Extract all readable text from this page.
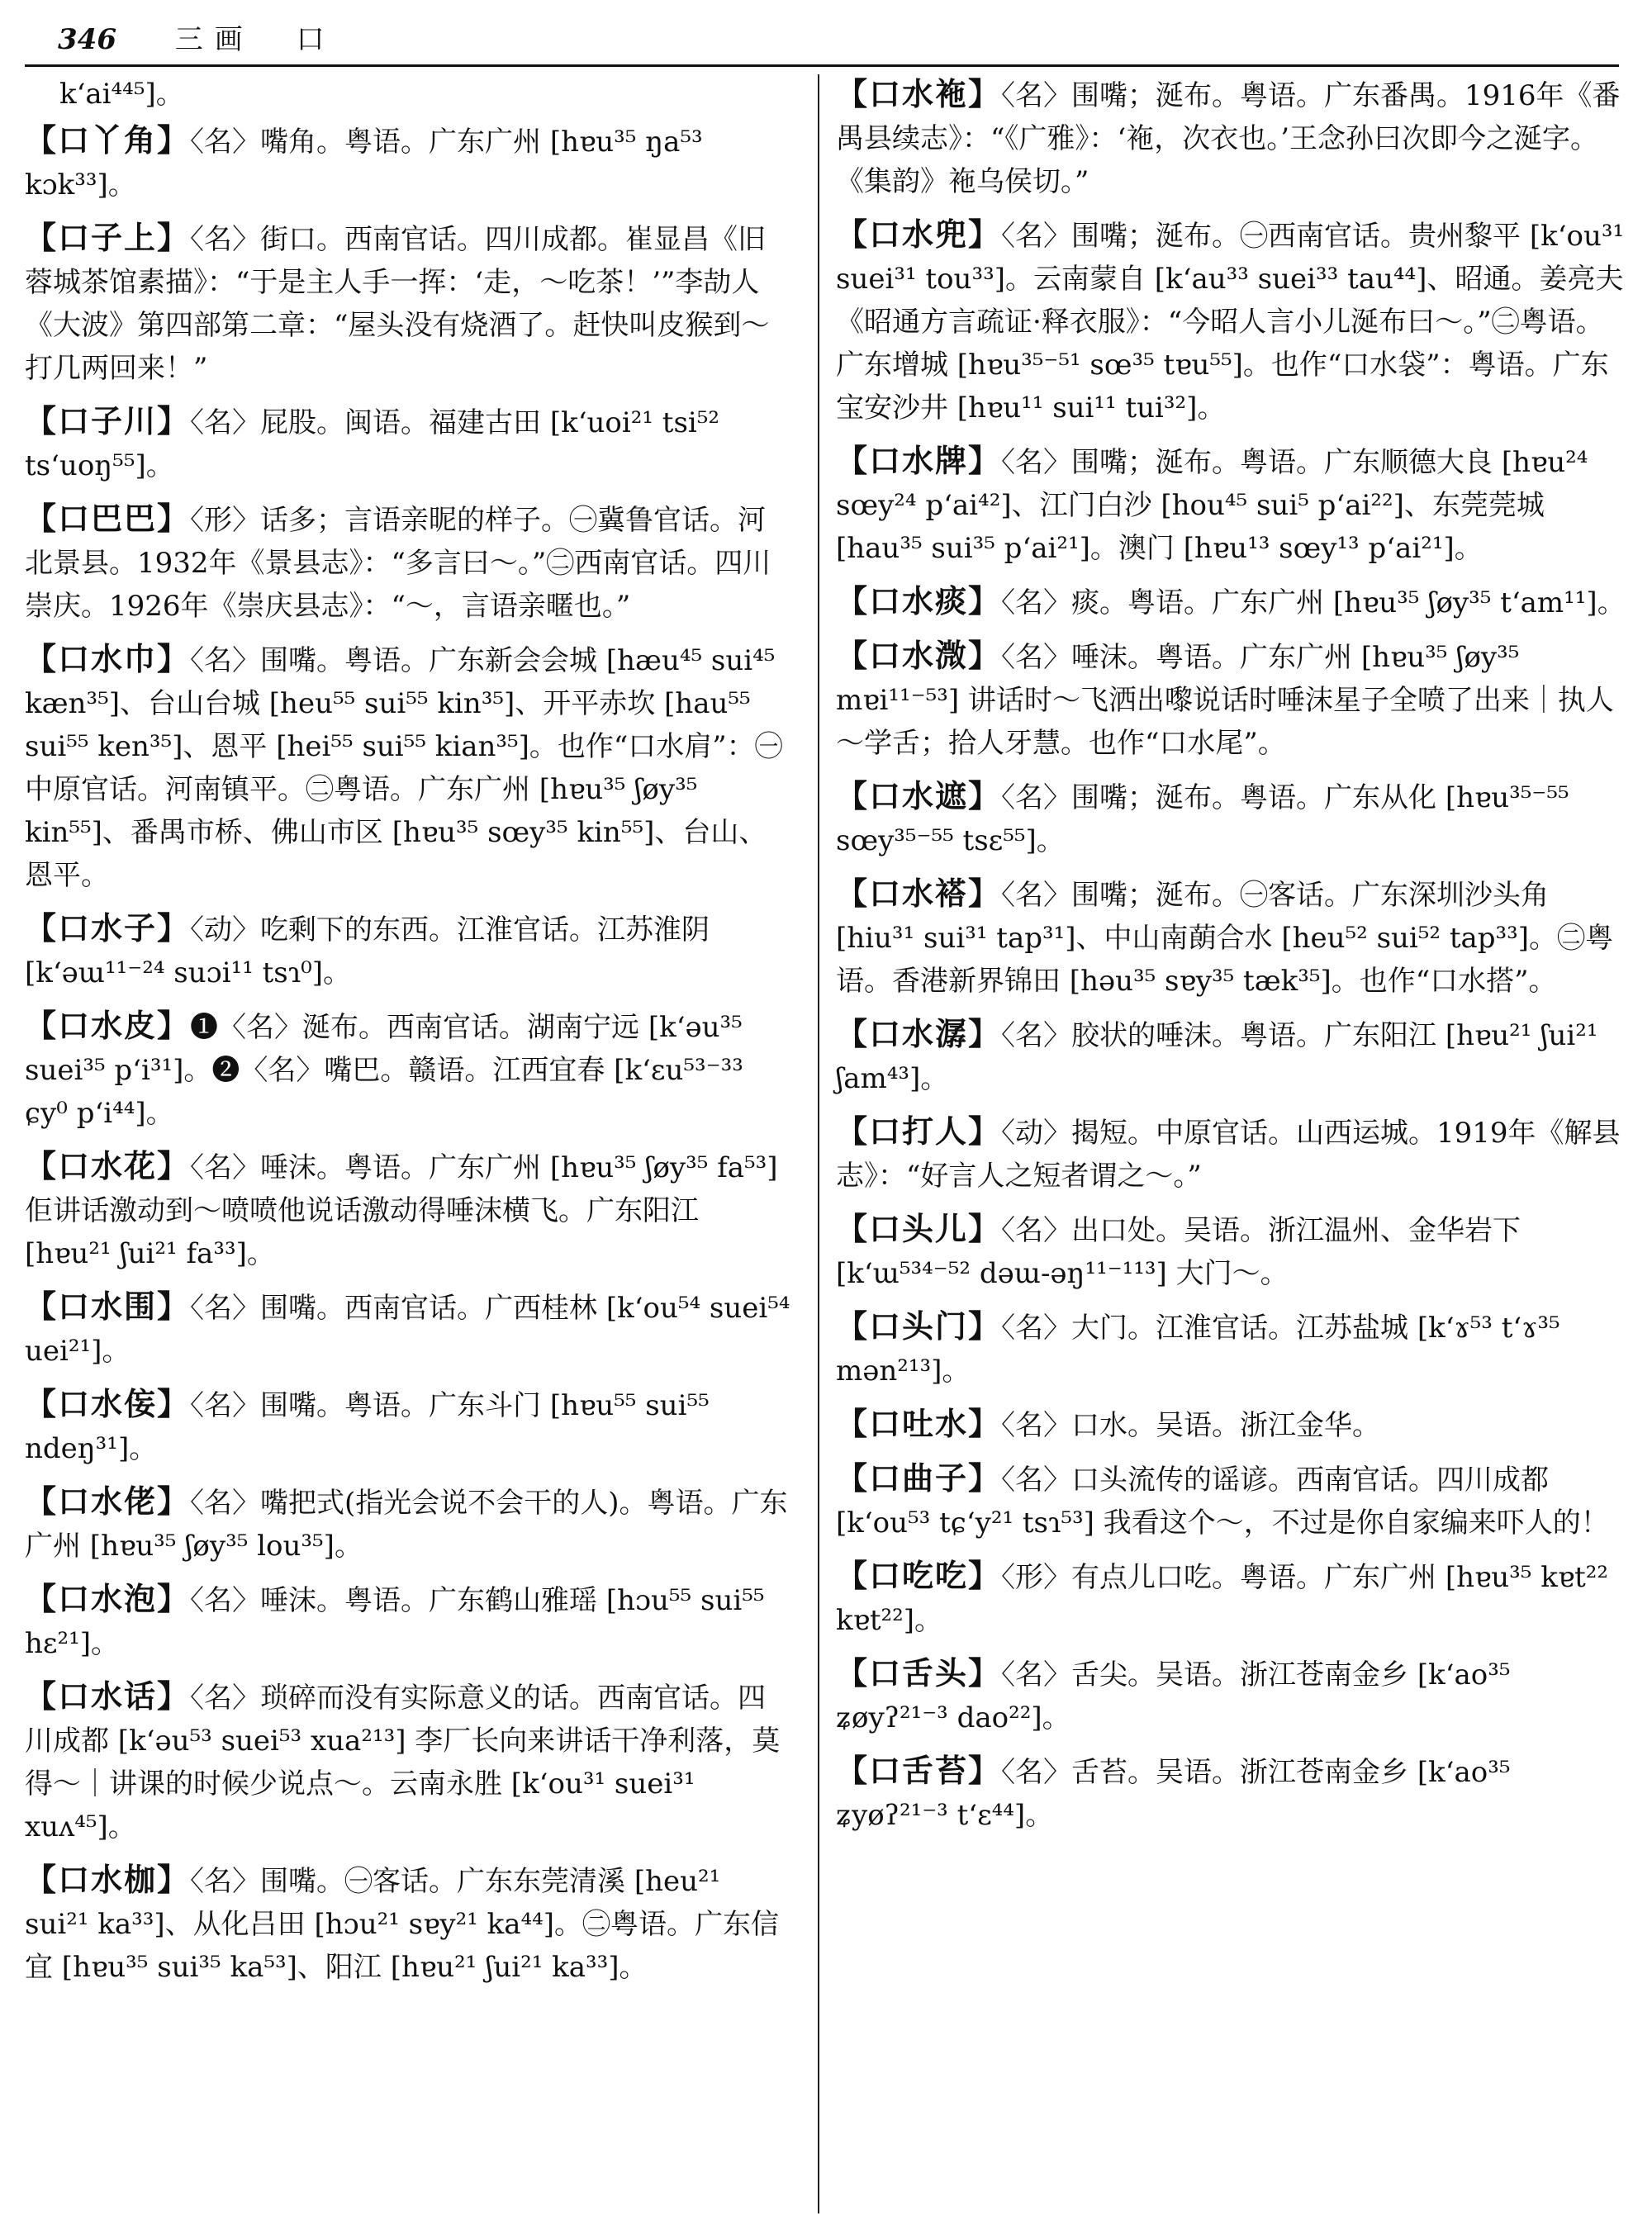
346 三画 口
k‘ai⁴⁴⁵]。
【口丫角】〈名〉嘴角。粤语。广东广州 [hɐu³⁵ ŋa⁵³ kɔk³³]。
【口子上】〈名〉街口。西南官话。四川成都。崔显昌《旧蓉城茶馆素描》：“于是主人手一挥：‘走，～吃茶！’”李劼人《大波》第四部第二章：“屋头没有烧酒了。赶快叫皮猴到～打几两回来！”
【口子川】〈名〉屁股。闽语。福建古田 [k‘uoi²¹ tsi⁵² ts‘uoŋ⁵⁵]。
【口巴巴】〈形〉话多；言语亲昵的样子。㊀冀鲁官话。河北景县。1932年《景县志》：“多言曰～。”㊁西南官话。四川崇庆。1926年《崇庆县志》：“～，言语亲暱也。”
【口水巾】〈名〉围嘴。粤语。广东新会会城 [hæu⁴⁵ sui⁴⁵ kæn³⁵]、台山台城 [heu⁵⁵ sui⁵⁵ kin³⁵]、开平赤坎 [hau⁵⁵ sui⁵⁵ ken³⁵]、恩平 [hei⁵⁵ sui⁵⁵ kian³⁵]。也作“口水肩”：㊀中原官话。河南镇平。㊁粤语。广东广州 [hɐu³⁵ ʃøy³⁵ kin⁵⁵]、番禺市桥、佛山市区 [hɐu³⁵ sœy³⁵ kin⁵⁵]、台山、恩平。
【口水子】〈动〉吃剩下的东西。江淮官话。江苏淮阴 [k‘əɯ¹¹⁻²⁴ suɔi¹¹ tsɿ⁰]。
【口水皮】❶〈名〉涎布。西南官话。湖南宁远 [k‘əu³⁵ suei³⁵ p‘i³¹]。❷〈名〉嘴巴。赣语。江西宜春 [k‘ɛu⁵³⁻³³ ɕy⁰ p‘i⁴⁴]。
【口水花】〈名〉唾沫。粤语。广东广州 [hɐu³⁵ ʃøy³⁵ fa⁵³] 佢讲话激动到～喷喷他说话激动得唾沫横飞。广东阳江 [hɐu²¹ ʃui²¹ fa³³]。
【口水围】〈名〉围嘴。西南官话。广西桂林 [k‘ou⁵⁴ suei⁵⁴ uei²¹]。
【口水侫】〈名〉围嘴。粤语。广东斗门 [hɐu⁵⁵ sui⁵⁵ ndeŋ³¹]。
【口水佬】〈名〉嘴把式(指光会说不会干的人)。粤语。广东广州 [hɐu³⁵ ʃøy³⁵ lou³⁵]。
【口水泡】〈名〉唾沫。粤语。广东鹤山雅瑶 [hɔu⁵⁵ sui⁵⁵ hɛ²¹]。
【口水话】〈名〉琐碎而没有实际意义的话。西南官话。四川成都 [k‘əu⁵³ suei⁵³ xua²¹³] 李厂长向来讲话干净利落，莫得～｜讲课的时候少说点～。云南永胜 [k‘ou³¹ suei³¹ xuʌ⁴⁵]。
【口水枷】〈名〉围嘴。㊀客话。广东东莞清溪 [heu²¹ sui²¹ ka³³]、从化吕田 [hɔu²¹ sɐy²¹ ka⁴⁴]。㊁粤语。广东信宜 [hɐu³⁵ sui³⁵ ka⁵³]、阳江 [hɐu²¹ ʃui²¹ ka³³]。
【口水袘】〈名〉围嘴；涎布。粤语。广东番禺。1916年《番禺县续志》：“《广雅》：‘袘，次衣也。’王念孙曰次即今之涎字。《集韵》袘乌侯切。”
【口水兜】〈名〉围嘴；涎布。㊀西南官话。贵州黎平 [k‘ou³¹ suei³¹ tou³³]。云南蒙自 [k‘au³³ suei³³ tau⁴⁴]、昭通。姜亮夫《昭通方言疏证·释衣服》：“今昭人言小儿涎布曰～。”㊁粤语。广东增城 [hɐu³⁵⁻⁵¹ sœ³⁵ tɐu⁵⁵]。也作“口水袋”：粤语。广东宝安沙井 [hɐu¹¹ sui¹¹ tui³²]。
【口水牌】〈名〉围嘴；涎布。粤语。广东顺德大良 [hɐu²⁴ sœy²⁴ p‘ai⁴²]、江门白沙 [hou⁴⁵ sui⁵ p‘ai²²]、东莞莞城 [hau³⁵ sui³⁵ p‘ai²¹]。澳门 [hɐu¹³ sœy¹³ p‘ai²¹]。
【口水痰】〈名〉痰。粤语。广东广州 [hɐu³⁵ ʃøy³⁵ t‘am¹¹]。
【口水溦】〈名〉唾沫。粤语。广东广州 [hɐu³⁵ ʃøy³⁵ mɐi¹¹⁻⁵³] 讲话时～飞洒出嚟说话时唾沫星子全喷了出来｜执人～学舌；拾人牙慧。也作“口水尾”。
【口水遮】〈名〉围嘴；涎布。粤语。广东从化 [hɐu³⁵⁻⁵⁵ sœy³⁵⁻⁵⁵ tsɛ⁵⁵]。
【口水褡】〈名〉围嘴；涎布。㊀客话。广东深圳沙头角 [hiu³¹ sui³¹ tap³¹]、中山南蓢合水 [heu⁵² sui⁵² tap³³]。㊁粤语。香港新界锦田 [həu³⁵ sɐy³⁵ tæk³⁵]。也作“口水搭”。
【口水潺】〈名〉胶状的唾沫。粤语。广东阳江 [hɐu²¹ ʃui²¹ ʃam⁴³]。
【口打人】〈动〉揭短。中原官话。山西运城。1919年《解县志》：“好言人之短者谓之～。”
【口头儿】〈名〉出口处。吴语。浙江温州、金华岩下 [k‘ɯ⁵³⁴⁻⁵² dəɯ-əŋ¹¹⁻¹¹³] 大门～。
【口头门】〈名〉大门。江淮官话。江苏盐城 [k‘ɤ⁵³ t‘ɤ³⁵ mən²¹³]。
【口吐水】〈名〉口水。吴语。浙江金华。
【口曲子】〈名〉口头流传的谣谚。西南官话。四川成都 [k‘ou⁵³ tɕ‘y²¹ tsɿ⁵³] 我看这个～，不过是你自家编来吓人的！
【口吃吃】〈形〉有点儿口吃。粤语。广东广州 [hɐu³⁵ kɐt²² kɐt²²]。
【口舌头】〈名〉舌尖。吴语。浙江苍南金乡 [k‘ao³⁵ ʑøyʔ²¹⁻³ dao²²]。
【口舌苔】〈名〉舌苔。吴语。浙江苍南金乡 [k‘ao³⁵ ʑyøʔ²¹⁻³ t‘ɛ⁴⁴]。
